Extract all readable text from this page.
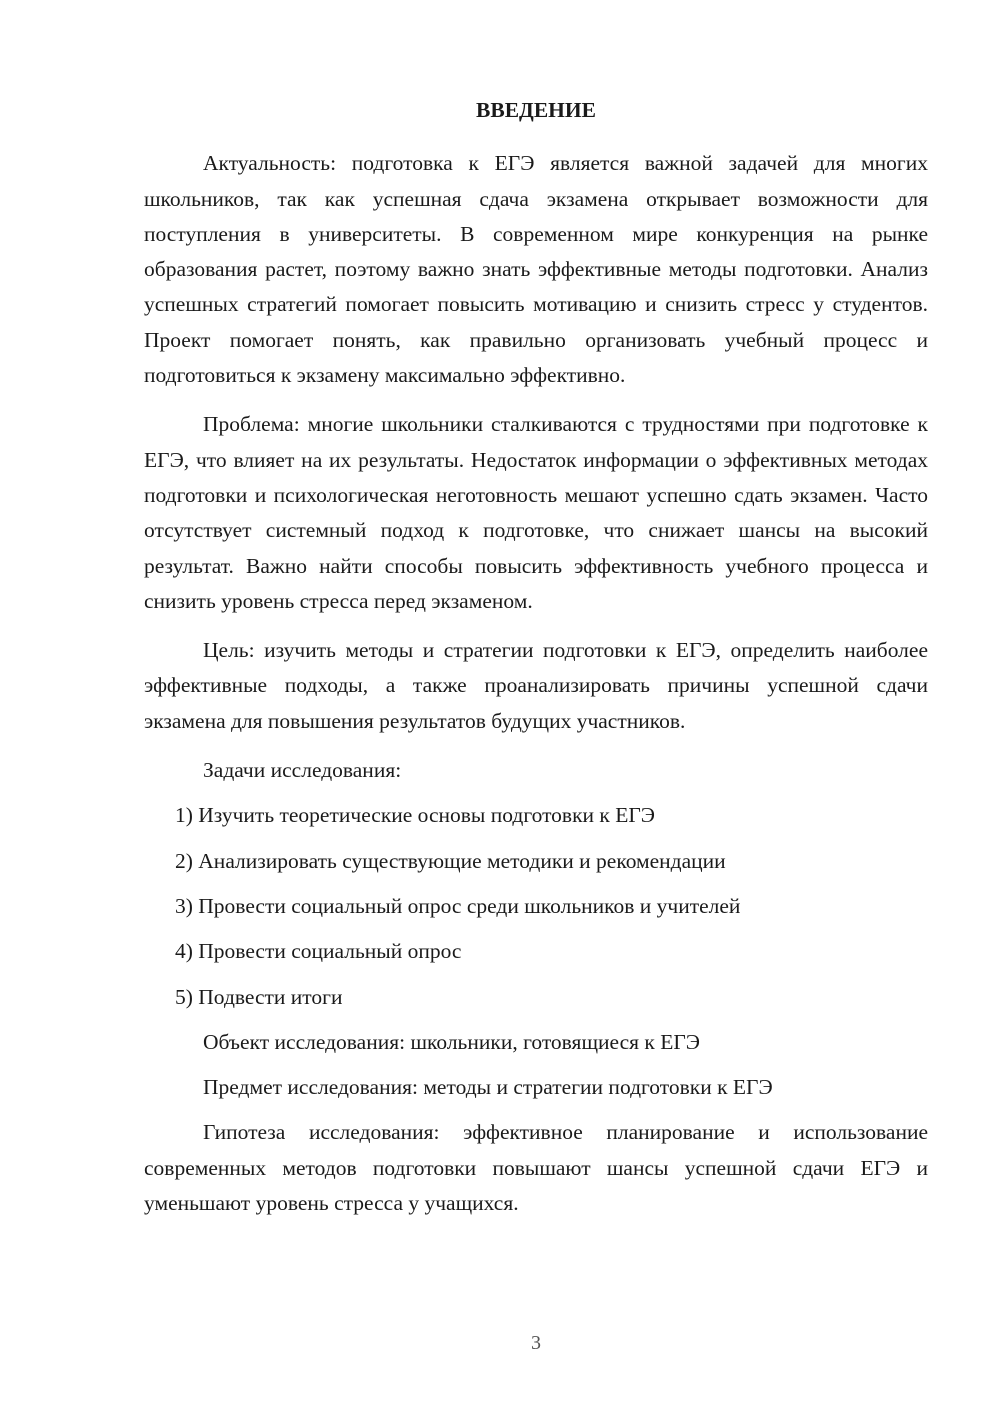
ВВЕДЕНИЕ
Актуальность: подготовка к ЕГЭ является важной задачей для многих школьников, так как успешная сдача экзамена открывает возможности для поступления в университеты. В современном мире конкуренция на рынке образования растет, поэтому важно знать эффективные методы подготовки. Анализ успешных стратегий помогает повысить мотивацию и снизить стресс у студентов. Проект помогает понять, как правильно организовать учебный процесс и подготовиться к экзамену максимально эффективно.
Проблема: многие школьники сталкиваются с трудностями при подготовке к ЕГЭ, что влияет на их результаты. Недостаток информации о эффективных методах подготовки и психологическая неготовность мешают успешно сдать экзамен. Часто отсутствует системный подход к подготовке, что снижает шансы на высокий результат. Важно найти способы повысить эффективность учебного процесса и снизить уровень стресса перед экзаменом.
Цель: изучить методы и стратегии подготовки к ЕГЭ, определить наиболее эффективные подходы, а также проанализировать причины успешной сдачи экзамена для повышения результатов будущих участников.
Задачи исследования:
1) Изучить теоретические основы подготовки к ЕГЭ
2) Анализировать существующие методики и рекомендации
3) Провести социальный опрос среди школьников и учителей
4) Провести социальный опрос
5) Подвести итоги
Объект исследования: школьники, готовящиеся к ЕГЭ
Предмет исследования: методы и стратегии подготовки к ЕГЭ
Гипотеза исследования: эффективное планирование и использование современных методов подготовки повышают шансы успешной сдачи ЕГЭ и уменьшают уровень стресса у учащихся.
3
